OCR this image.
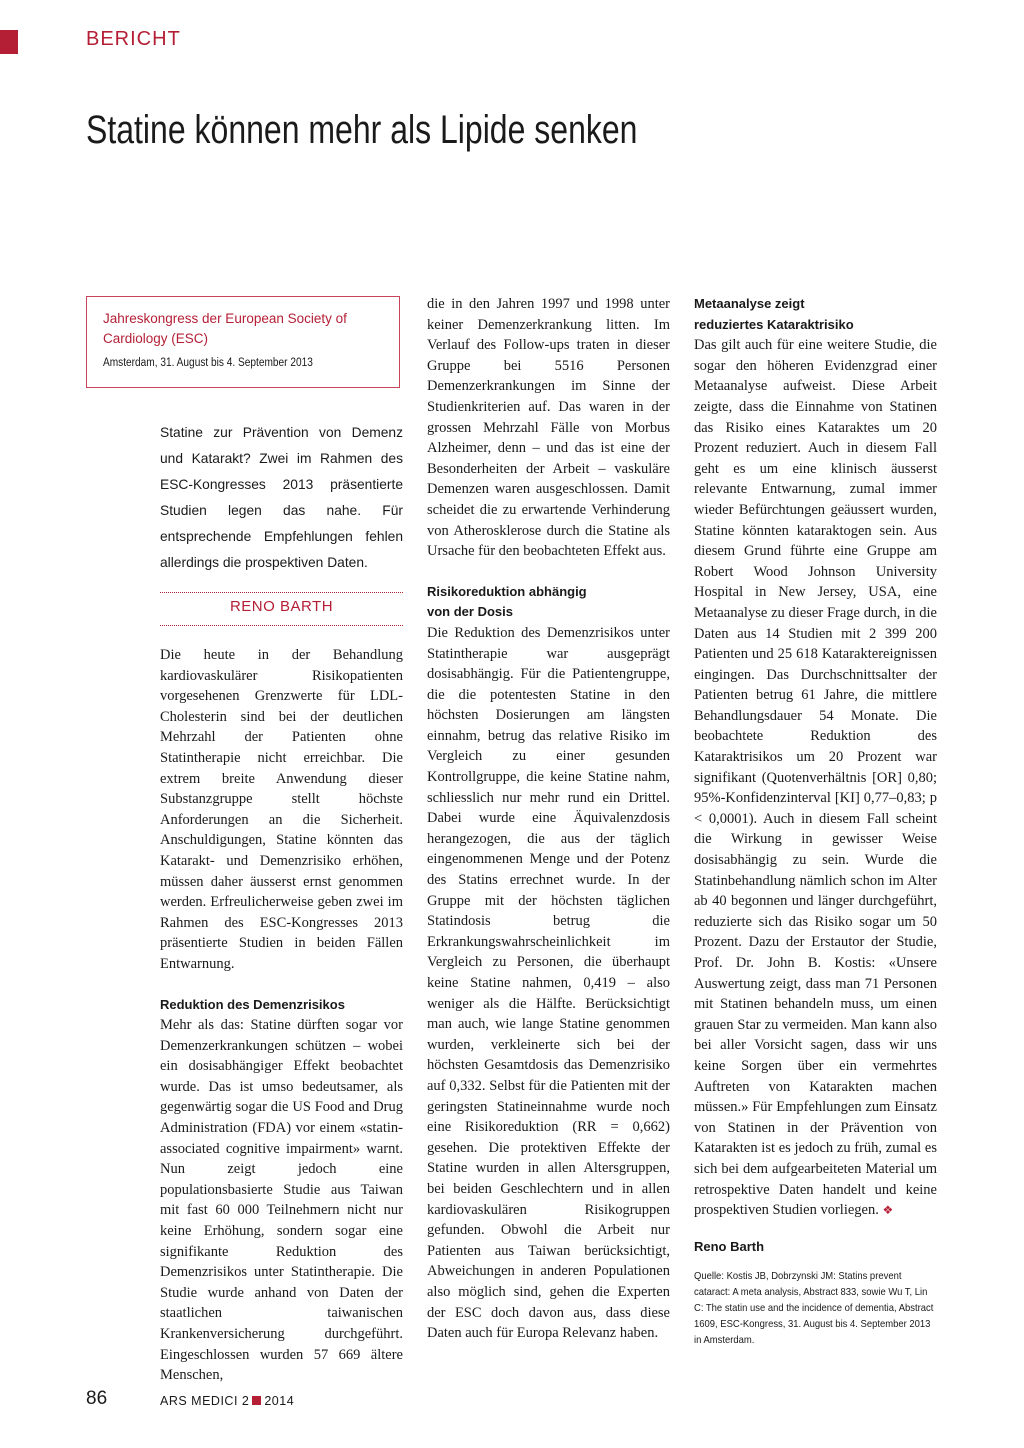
BERICHT
Statine können mehr als Lipide senken
Jahreskongress der European Society of Cardiology (ESC)
Amsterdam, 31. August bis 4. September 2013

Statine zur Prävention von Demenz und Katarakt? Zwei im Rahmen des ESC-Kongresses 2013 präsentierte Studien legen das nahe. Für entsprechende Empfehlungen fehlen allerdings die prospektiven Daten.

RENO BARTH

Die heute in der Behandlung kardiovaskulärer Risikopatienten vorgesehenen Grenzwerte für LDL-Cholesterin sind bei der deutlichen Mehrzahl der Patienten ohne Statintherapie nicht erreichbar. Die extrem breite Anwendung dieser Substanzgruppe stellt höchste Anforderungen an die Sicherheit. Anschuldigungen, Statine könnten das Katarakt- und Demenzrisiko erhöhen, müssen daher äusserst ernst genommen werden. Erfreulicherweise geben zwei im Rahmen des ESC-Kongresses 2013 präsentierte Studien in beiden Fällen Entwarnung.

Reduktion des Demenzrisikos

Mehr als das: Statine dürften sogar vor Demenzerkrankungen schützen – wobei ein dosisabhängiger Effekt beobachtet wurde. Das ist umso bedeutsamer, als gegenwärtig sogar die US Food and Drug Administration (FDA) vor einem «statin-associated cognitive impairment» warnt. Nun zeigt jedoch eine populationsbasierte Studie aus Taiwan mit fast 60 000 Teilnehmern nicht nur keine Erhöhung, sondern sogar eine signifikante Reduktion des Demenzrisikos unter Statintherapie. Die Studie wurde anhand von Daten der staatlichen taiwanischen Krankenversicherung durchgeführt. Eingeschlossen wurden 57 669 ältere Menschen,

die in den Jahren 1997 und 1998 unter keiner Demenzerkrankung litten. Im Verlauf des Follow-ups traten in dieser Gruppe bei 5516 Personen Demenzerkrankungen im Sinne der Studienkriterien auf. Das waren in der grossen Mehrzahl Fälle von Morbus Alzheimer, denn – und das ist eine der Besonderheiten der Arbeit – vaskuläre Demenzen waren ausgeschlossen. Damit scheidet die zu erwartende Verhinderung von Atherosklerose durch die Statine als Ursache für den beobachteten Effekt aus.

Risikoreduktion abhängig von der Dosis

Die Reduktion des Demenzrisikos unter Statintherapie war ausgeprägt dosisabhängig. Für die Patientengruppe, die die potentesten Statine in den höchsten Dosierungen am längsten einnahm, betrug das relative Risiko im Vergleich zu einer gesunden Kontrollgruppe, die keine Statine nahm, schliesslich nur mehr rund ein Drittel. Dabei wurde eine Äquivalenzdosis herangezogen, die aus der täglich eingenommenen Menge und der Potenz des Statins errechnet wurde. In der Gruppe mit der höchsten täglichen Statindosis betrug die Erkrankungswahrscheinlichkeit im Vergleich zu Personen, die überhaupt keine Statine nahmen, 0,419 – also weniger als die Hälfte. Berücksichtigt man auch, wie lange Statine genommen wurden, verkleinerte sich bei der höchsten Gesamtdosis das Demenzrisiko auf 0,332. Selbst für die Patienten mit der geringsten Statineinnahme wurde noch eine Risikoreduktion (RR = 0,662) gesehen. Die protektiven Effekte der Statine wurden in allen Altersgruppen, bei beiden Geschlechtern und in allen kardiovaskulären Risikogruppen gefunden. Obwohl die Arbeit nur Patienten aus Taiwan berücksichtigt, Abweichungen in anderen Populationen also möglich sind, gehen die Experten der ESC doch davon aus, dass diese Daten auch für Europa Relevanz haben.

Metaanalyse zeigt reduziertes Kataraktrisiko

Das gilt auch für eine weitere Studie, die sogar den höheren Evidenzgrad einer Metaanalyse aufweist. Diese Arbeit zeigte, dass die Einnahme von Statinen das Risiko eines Kataraktes um 20 Prozent reduziert. Auch in diesem Fall geht es um eine klinisch äusserst relevante Entwarnung, zumal immer wieder Befürchtungen geäussert wurden, Statine könnten kataraktogen sein. Aus diesem Grund führte eine Gruppe am Robert Wood Johnson University Hospital in New Jersey, USA, eine Metaanalyse zu dieser Frage durch, in die Daten aus 14 Studien mit 2 399 200 Patienten und 25 618 Kataraktereignissen eingingen. Das Durchschnittsalter der Patienten betrug 61 Jahre, die mittlere Behandlungsdauer 54 Monate. Die beobachtete Reduktion des Kataraktrisikos um 20 Prozent war signifikant (Quotenverhältnis [OR] 0,80; 95%-Konfidenzinterval [KI] 0,77–0,83; p < 0,0001). Auch in diesem Fall scheint die Wirkung in gewisser Weise dosisabhängig zu sein. Wurde die Statinbehandlung nämlich schon im Alter ab 40 begonnen und länger durchgeführt, reduzierte sich das Risiko sogar um 50 Prozent. Dazu der Erstautor der Studie, Prof. Dr. John B. Kostis: «Unsere Auswertung zeigt, dass man 71 Personen mit Statinen behandeln muss, um einen grauen Star zu vermeiden. Man kann also bei aller Vorsicht sagen, dass wir uns keine Sorgen über ein vermehrtes Auftreten von Katarakten machen müssen.» Für Empfehlungen zum Einsatz von Statinen in der Prävention von Katarakten ist es jedoch zu früh, zumal es sich bei dem aufgearbeiteten Material um retrospektive Daten handelt und keine prospektiven Studien vorliegen. ❖

Reno Barth
Quelle: Kostis JB, Dobrzynski JM: Statins prevent cataract: A meta analysis, Abstract 833, sowie Wu T, Lin C: The statin use and the incidence of dementia, Abstract 1609, ESC-Kongress, 31. August bis 4. September 2013 in Amsterdam.
86	ARS MEDICI 2 2014
